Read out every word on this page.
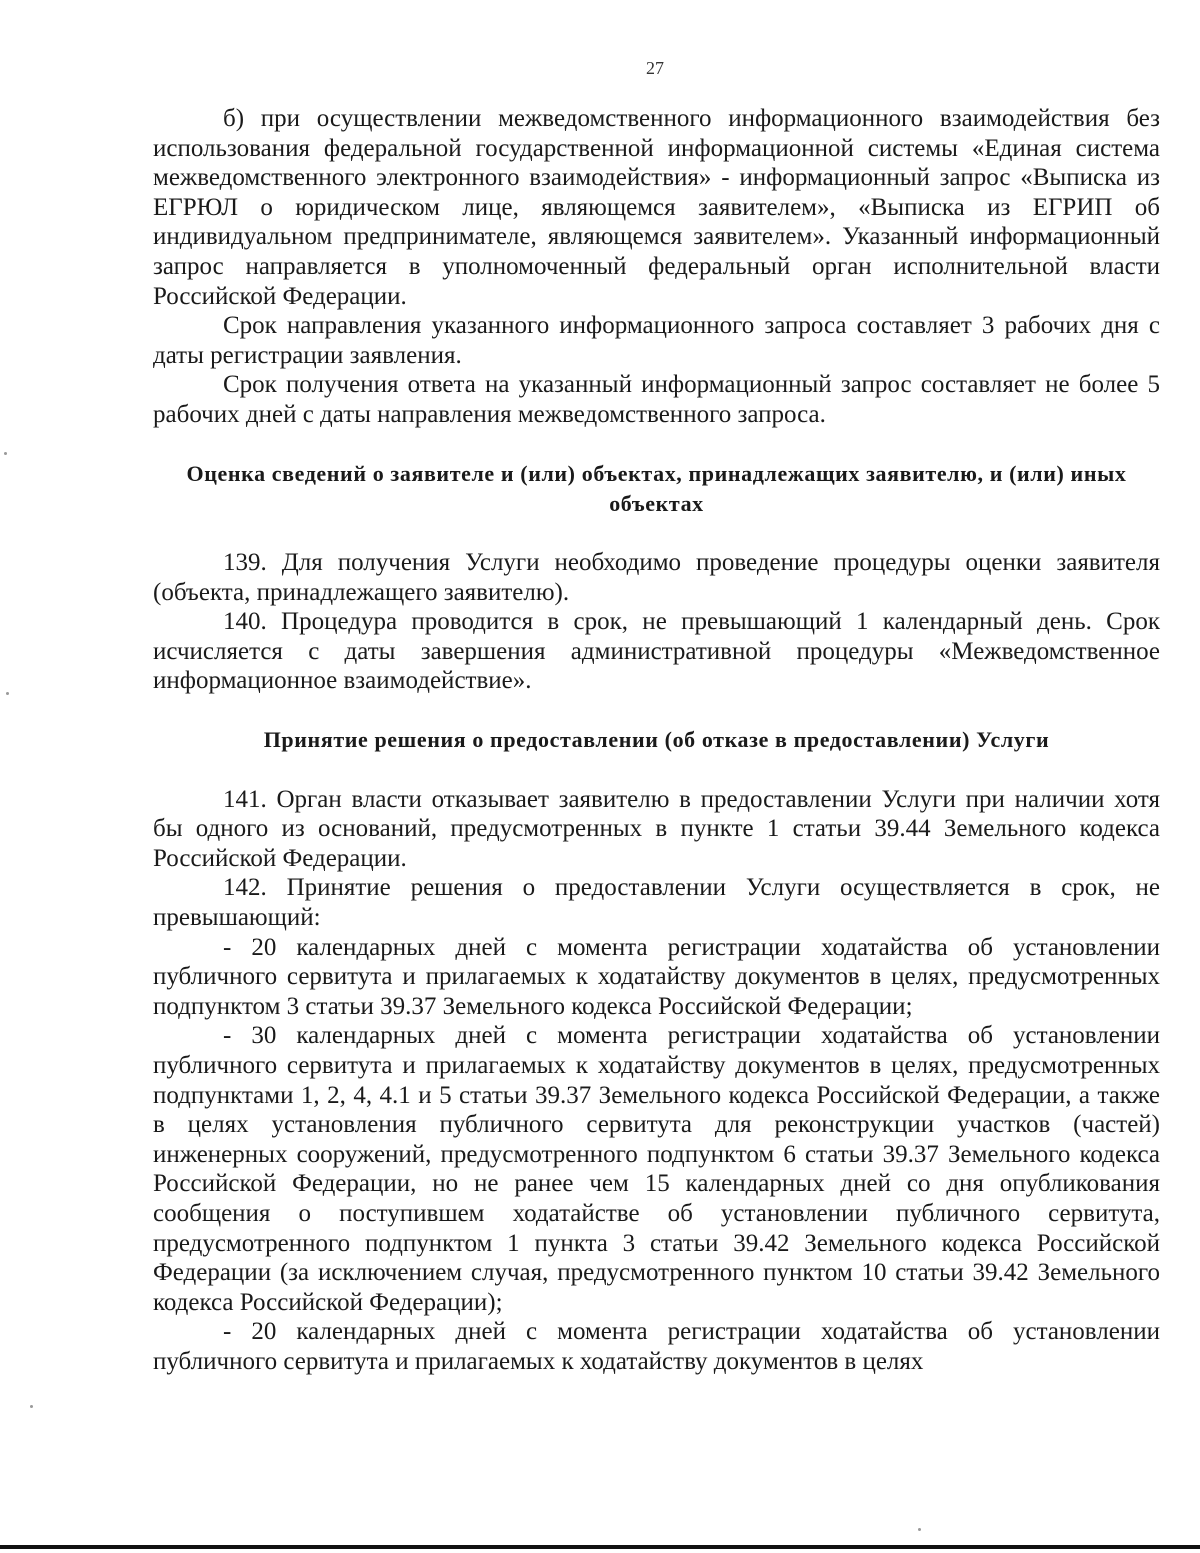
27

б) при осуществлении межведомственного информационного взаимодействия без использования федеральной государственной информационной системы «Единая система межведомственного электронного взаимодействия» - информационный запрос «Выписка из ЕГРЮЛ о юридическом лице, являющемся заявителем», «Выписка из ЕГРИП об индивидуальном предпринимателе, являющемся заявителем». Указанный информационный запрос направляется в уполномоченный федеральный орган исполнительной власти Российской Федерации.

Срок направления указанного информационного запроса составляет 3 рабочих дня с даты регистрации заявления.

Срок получения ответа на указанный информационный запрос составляет не более 5 рабочих дней с даты направления межведомственного запроса.

Оценка сведений о заявителе и (или) объектах, принадлежащих заявителю, и (или) иных объектах

139. Для получения Услуги необходимо проведение процедуры оценки заявителя (объекта, принадлежащего заявителю).

140. Процедура проводится в срок, не превышающий 1 календарный день. Срок исчисляется с даты завершения административной процедуры «Межведомственное информационное взаимодействие».

Принятие решения о предоставлении (об отказе в предоставлении) Услуги

141. Орган власти отказывает заявителю в предоставлении Услуги при наличии хотя бы одного из оснований, предусмотренных в пункте 1 статьи 39.44 Земельного кодекса Российской Федерации.

142. Принятие решения о предоставлении Услуги осуществляется в срок, не превышающий:

- 20 календарных дней с момента регистрации ходатайства об установлении публичного сервитута и прилагаемых к ходатайству документов в целях, предусмотренных подпунктом 3 статьи 39.37 Земельного кодекса Российской Федерации;

- 30 календарных дней с момента регистрации ходатайства об установлении публичного сервитута и прилагаемых к ходатайству документов в целях, предусмотренных подпунктами 1, 2, 4, 4.1 и 5 статьи 39.37 Земельного кодекса Российской Федерации, а также в целях установления публичного сервитута для реконструкции участков (частей) инженерных сооружений, предусмотренного подпунктом 6 статьи 39.37 Земельного кодекса Российской Федерации, но не ранее чем 15 календарных дней со дня опубликования сообщения о поступившем ходатайстве об установлении публичного сервитута, предусмотренного подпунктом 1 пункта 3 статьи 39.42 Земельного кодекса Российской Федерации (за исключением случая, предусмотренного пунктом 10 статьи 39.42 Земельного кодекса Российской Федерации);

- 20 календарных дней с момента регистрации ходатайства об установлении публичного сервитута и прилагаемых к ходатайству документов в целях
